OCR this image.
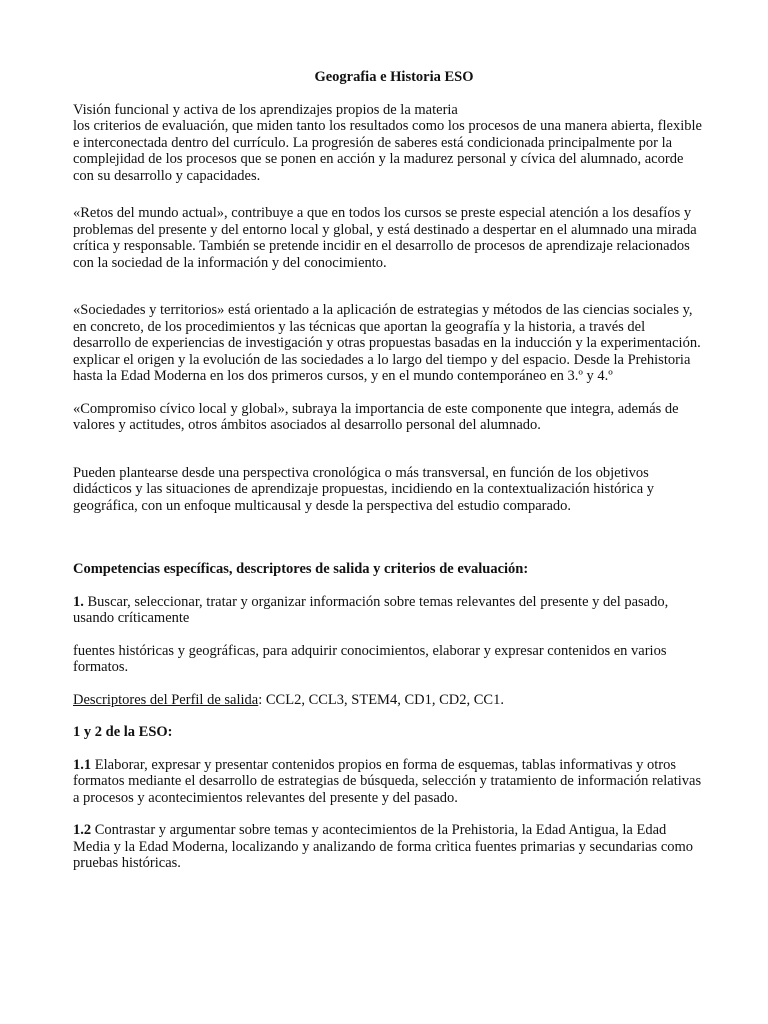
Geografia e Historia ESO

Visión funcional y activa de los aprendizajes propios de la materia

los criterios de evaluación, que miden tanto los resultados como los procesos de una manera abierta, flexible e interconectada dentro del currículo. La progresión de saberes está condicionada principalmente por la complejidad de los procesos que se ponen en acción y la madurez personal y cívica del alumnado, acorde con su desarrollo y capacidades.

«Retos del mundo actual», contribuye a que en todos los cursos se preste especial atención a los desafíos y problemas del presente y del entorno local y global, y está destinado a despertar en el alumnado una mirada crítica y responsable. También se pretende incidir en el desarrollo de procesos de aprendizaje relacionados con la sociedad de la información y del conocimiento.

«Sociedades y territorios» está orientado a la aplicación de estrategias y métodos de las ciencias sociales y, en concreto, de los procedimientos y las técnicas que aportan la geografía y la historia, a través del desarrollo de experiencias de investigación y otras propuestas basadas en la inducción y la experimentación. explicar el origen y la evolución de las sociedades a lo largo del tiempo y del espacio. Desde la Prehistoria hasta la Edad Moderna en los dos primeros cursos, y en el mundo contemporáneo en 3.º y 4.º

«Compromiso cívico local y global», subraya la importancia de este componente que integra, además de valores y actitudes, otros ámbitos asociados al desarrollo personal del alumnado.

Pueden plantearse desde una perspectiva cronológica o más transversal, en función de los objetivos didácticos y las situaciones de aprendizaje propuestas, incidiendo en la contextualización histórica y geográfica, con un enfoque multicausal y desde la perspectiva del estudio comparado.

Competencias específicas, descriptores de salida y criterios de evaluación:

1. Buscar, seleccionar, tratar y organizar información sobre temas relevantes del presente y del pasado, usando críticamente

fuentes históricas y geográficas, para adquirir conocimientos, elaborar y expresar contenidos en varios formatos.

Descriptores del Perfil de salida: CCL2, CCL3, STEM4, CD1, CD2, CC1.

1 y 2 de la ESO:

1.1 Elaborar, expresar y presentar contenidos propios en forma de esquemas, tablas informativas y otros formatos mediante el desarrollo de estrategias de búsqueda, selección y tratamiento de información relativas a procesos y acontecimientos relevantes del presente y del pasado.

1.2 Contrastar y argumentar sobre temas y acontecimientos de la Prehistoria, la Edad Antigua, la Edad Media y la Edad Moderna, localizando y analizando de forma crìtica fuentes primarias y secundarias como pruebas históricas.
